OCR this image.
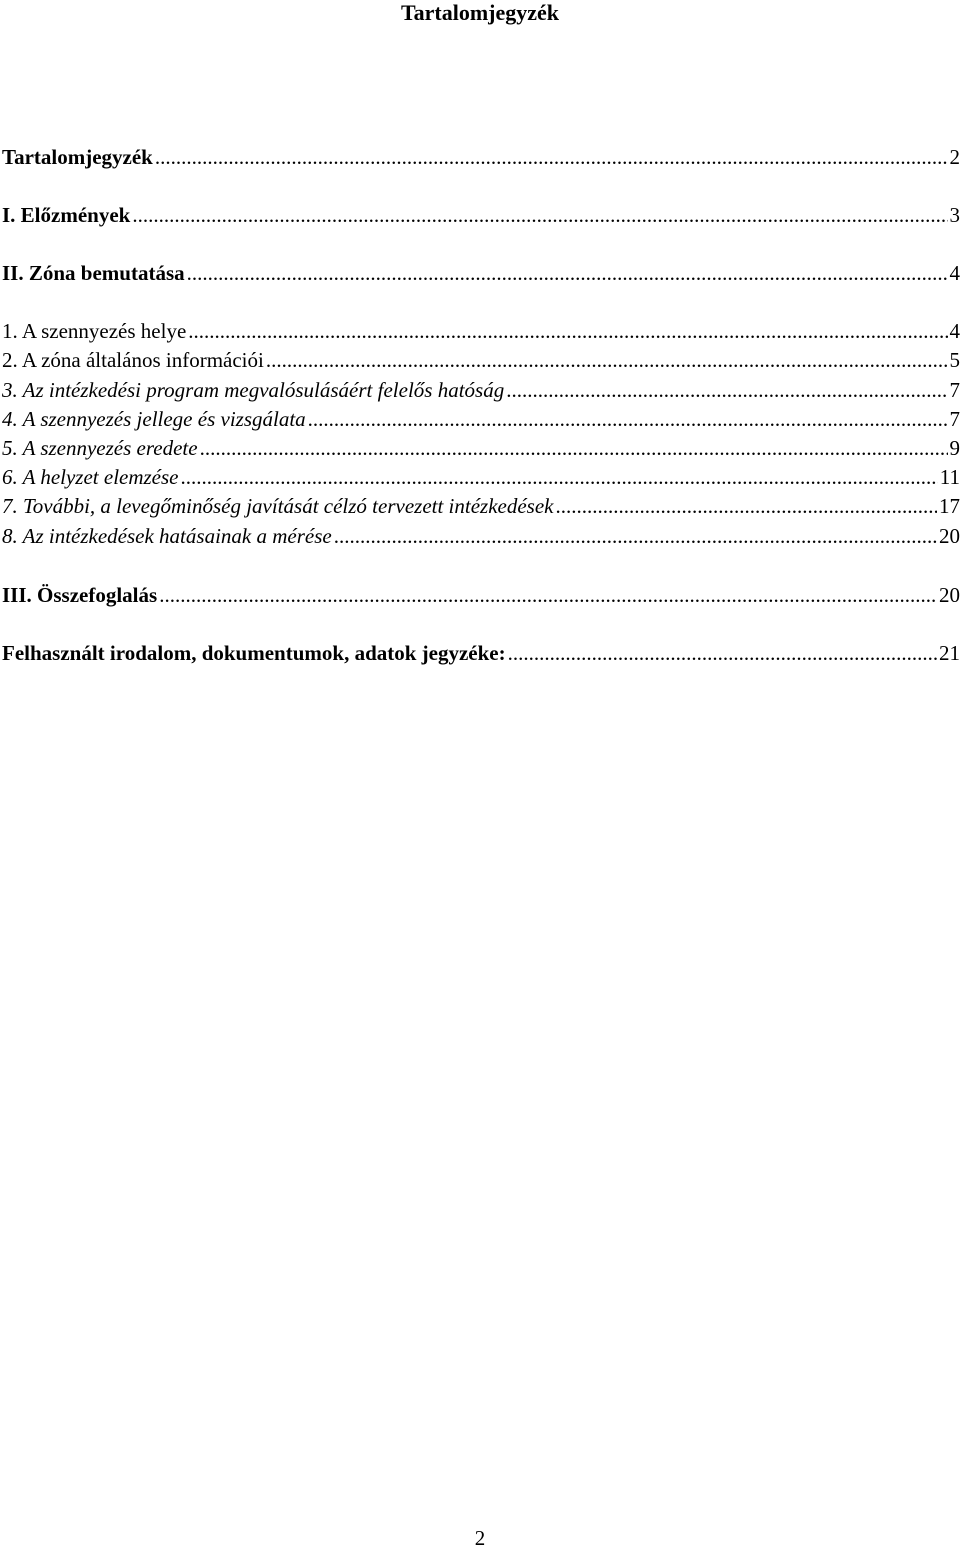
Tartalomjegyzék
Tartalomjegyzék .....	2
I. Előzmények .....	3
II. Zóna bemutatása .....	4
1. A szennyezés helye .....	4
2. A zóna általános információi .....	5
3. Az intézkedési program megvalósulásáért felelős hatóság .....	7
4. A szennyezés jellege és vizsgálata .....	7
5. A szennyezés eredete .....	9
6. A helyzet elemzése .....	11
7. További, a levegőminőség javítását célzó tervezett intézkedések .....	17
8. Az intézkedések hatásainak a mérése .....	20
III. Összefoglalás .....	20
Felhasznált irodalom, dokumentumok, adatok jegyzéke: .....	21
2
